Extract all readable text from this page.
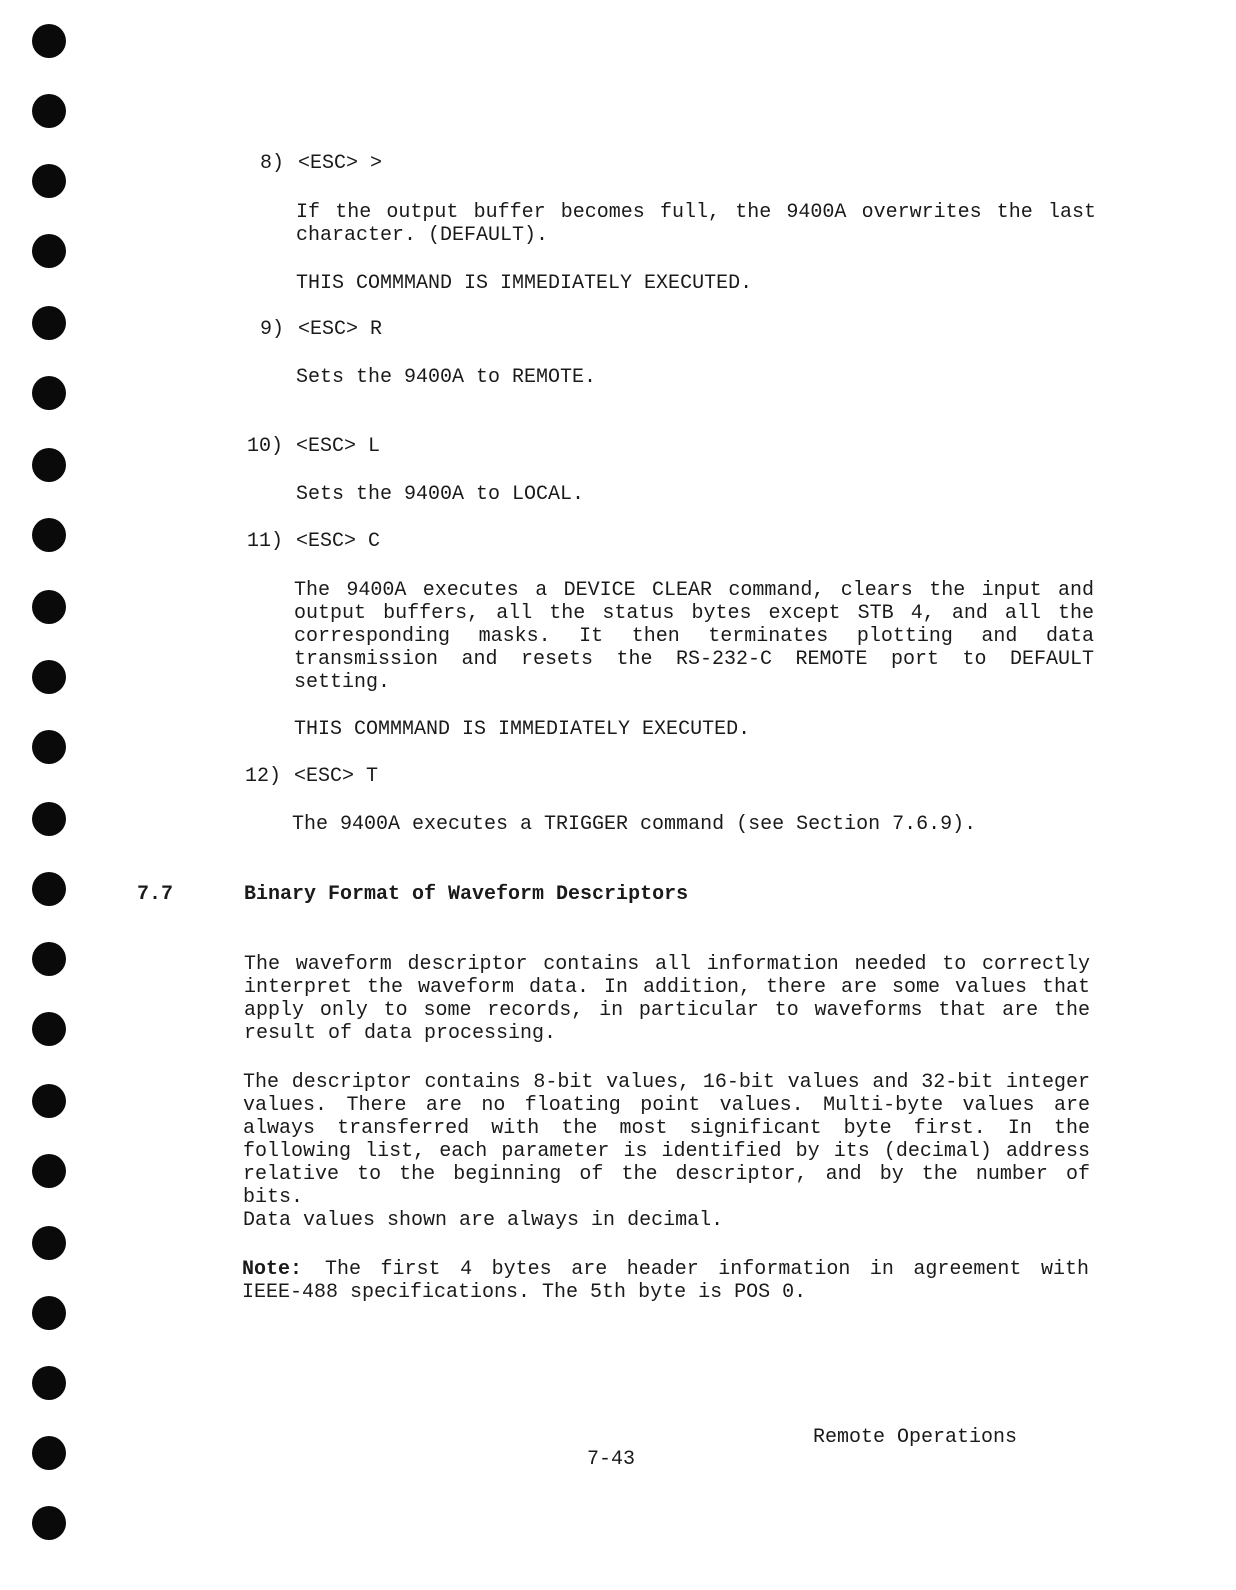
8) <ESC> >
If the output buffer becomes full, the 9400A overwrites the last
character. (DEFAULT).
THIS COMMMAND IS IMMEDIATELY EXECUTED.
9) <ESC> R
Sets the 9400A to REMOTE.
10) <ESC> L
Sets the 9400A to LOCAL.
11) <ESC> C
The 9400A executes a DEVICE CLEAR command, clears the input and
output buffers, all the status bytes except STB 4, and all the
corresponding masks. It then terminates plotting and data
transmission and resets the RS-232-C REMOTE port to DEFAULT
setting.
THIS COMMMAND IS IMMEDIATELY EXECUTED.
12) <ESC> T
The 9400A executes a TRIGGER command (see Section 7.6.9).
7.7	Binary Format of Waveform Descriptors
The waveform descriptor contains all information needed to correctly
interpret the waveform data. In addition, there are some values that
apply only to some records, in particular to waveforms that are the
result of data processing.
The descriptor contains 8-bit values, 16-bit values and 32-bit integer
values. There are no floating point values. Multi-byte values are
always transferred with the most significant byte first. In the
following list, each parameter is identified by its (decimal) address
relative to the beginning of the descriptor, and by the number of bits.
Data values shown are always in decimal.
Note: The first 4 bytes are header information in agreement with
IEEE-488 specifications. The 5th byte is POS 0.
Remote Operations
7-43
